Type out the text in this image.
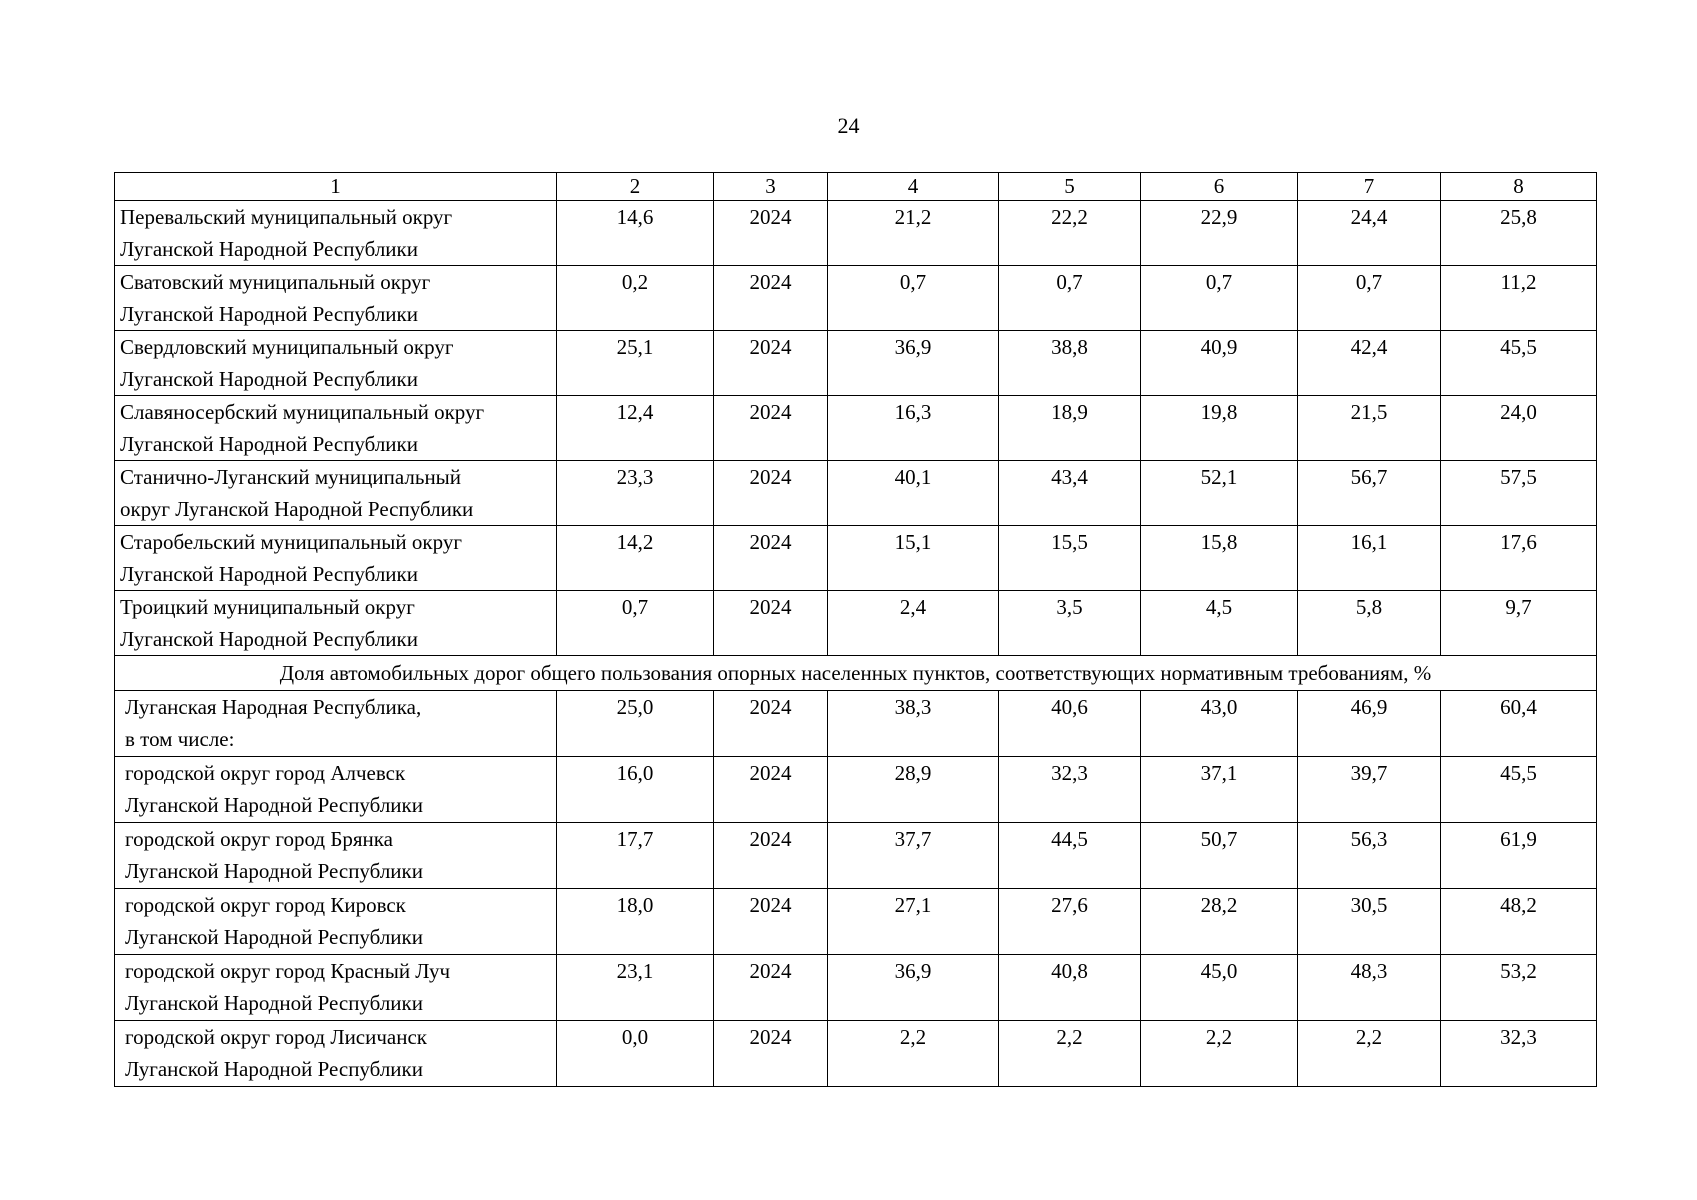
24
1	2	3	4	5	6	7	8

Перевальский муниципальный округ
Луганской Народной Республики	14,6	2024	21,2	22,2	22,9	24,4	25,8

Сватовский муниципальный округ
Луганской Народной Республики	0,2	2024	0,7	0,7	0,7	0,7	11,2

Свердловский муниципальный округ
Луганской Народной Республики	25,1	2024	36,9	38,8	40,9	42,4	45,5

Славяносербский муниципальный округ
Луганской Народной Республики	12,4	2024	16,3	18,9	19,8	21,5	24,0

Станично-Луганский муниципальный
округ Луганской Народной Республики	23,3	2024	40,1	43,4	52,1	56,7	57,5

Старобельский муниципальный округ
Луганской Народной Республики	14,2	2024	15,1	15,5	15,8	16,1	17,6

Троицкий муниципальный округ
Луганской Народной Республики	0,7	2024	2,4	3,5	4,5	5,8	9,7
Доля автомобильных дорог общего пользования опорных населенных пунктов, соответствующих нормативным требованиям, %							

Луганская Народная Республика,
в том числе:	25,0	2024	38,3	40,6	43,0	46,9	60,4

городской округ город Алчевск
Луганской Народной Республики	16,0	2024	28,9	32,3	37,1	39,7	45,5

городской округ город Брянка
Луганской Народной Республики	17,7	2024	37,7	44,5	50,7	56,3	61,9

городской округ город Кировск
Луганской Народной Республики	18,0	2024	27,1	27,6	28,2	30,5	48,2

городской округ город Красный Луч
Луганской Народной Республики	23,1	2024	36,9	40,8	45,0	48,3	53,2

городской округ город Лисичанск
Луганской Народной Республики	0,0	2024	2,2	2,2	2,2	2,2	32,3
